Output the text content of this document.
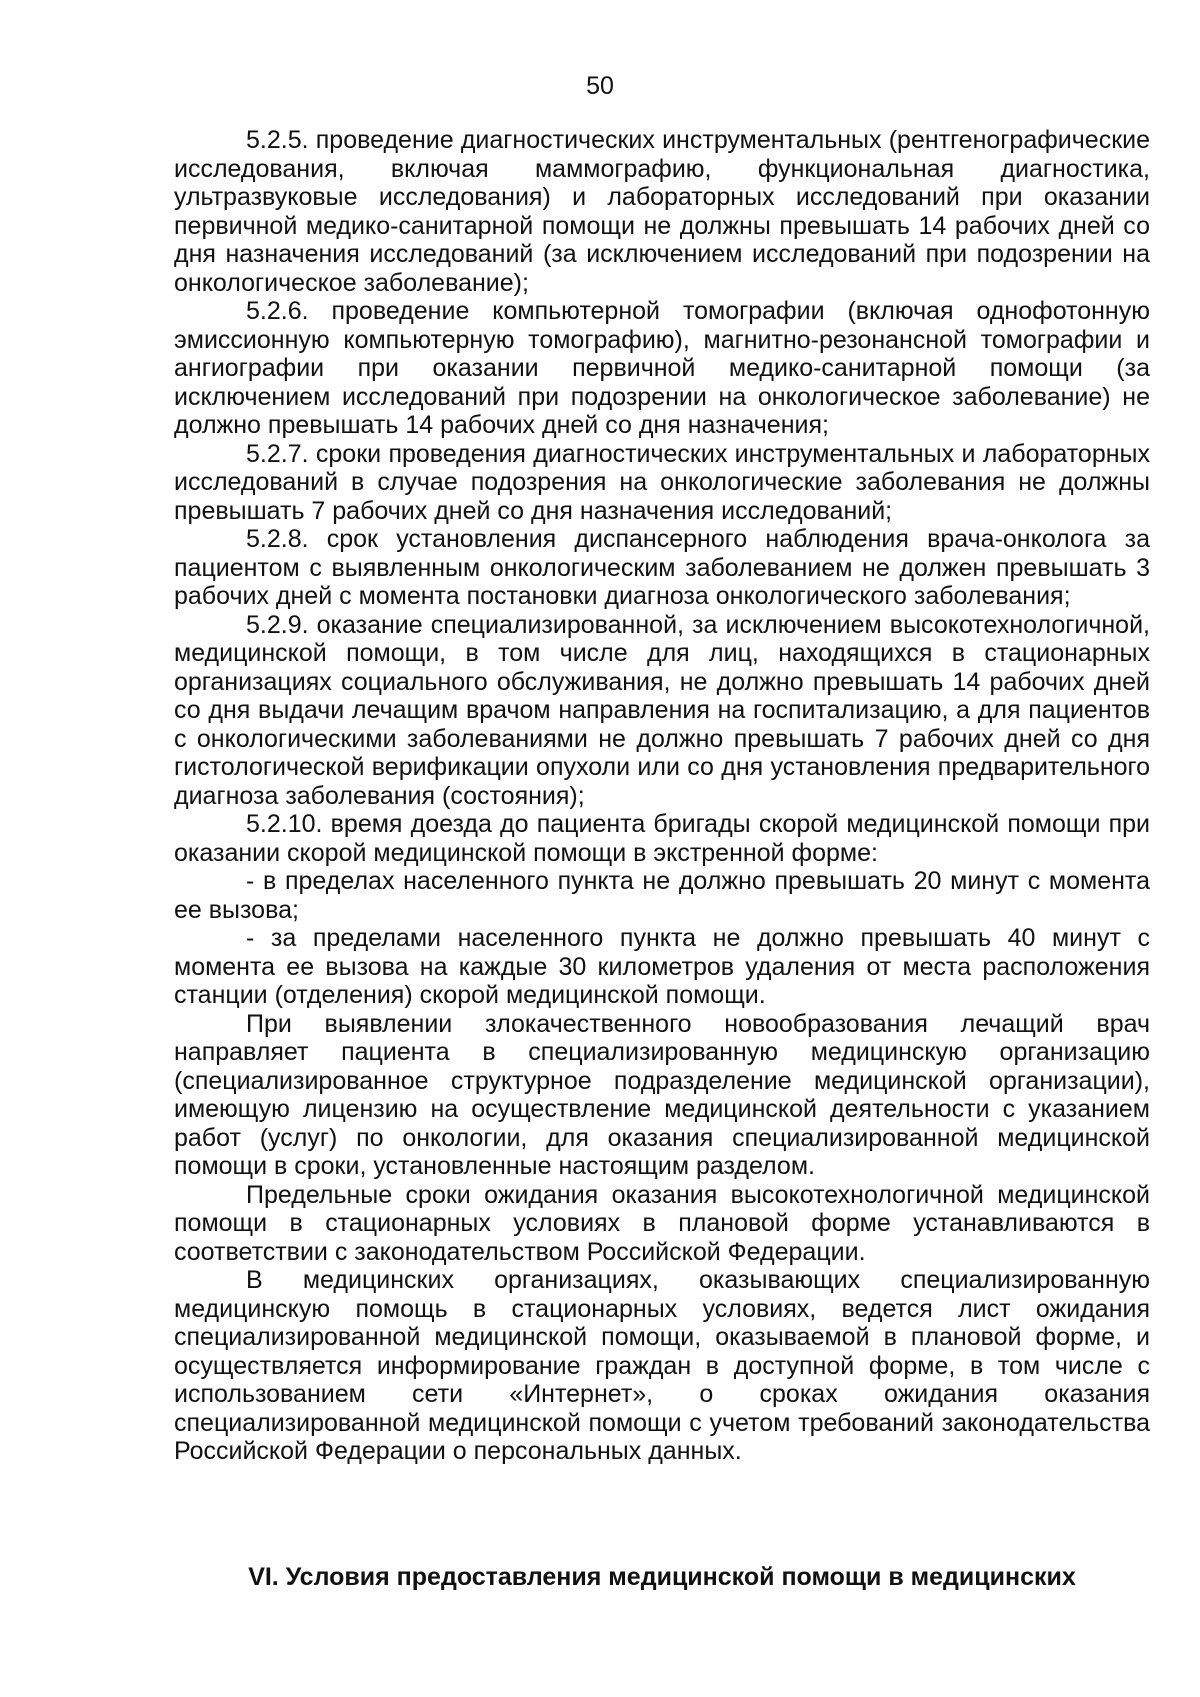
50

5.2.5. проведение диагностических инструментальных (рентгенографические исследования, включая маммографию, функциональная диагностика, ультразвуковые исследования) и лабораторных исследований при оказании первичной медико-санитарной помощи не должны превышать 14 рабочих дней со дня назначения исследований (за исключением исследований при подозрении на онкологическое заболевание);

5.2.6. проведение компьютерной томографии (включая однофотонную эмиссионную компьютерную томографию), магнитно-резонансной томографии и ангиографии при оказании первичной медико-санитарной помощи (за исключением исследований при подозрении на онкологическое заболевание) не должно превышать 14 рабочих дней со дня назначения;

5.2.7. сроки проведения диагностических инструментальных и лабораторных исследований в случае подозрения на онкологические заболевания не должны превышать 7 рабочих дней со дня назначения исследований;

5.2.8. срок установления диспансерного наблюдения врача-онколога за пациентом с выявленным онкологическим заболеванием не должен превышать 3 рабочих дней с момента постановки диагноза онкологического заболевания;

5.2.9. оказание специализированной, за исключением высокотехнологичной, медицинской помощи, в том числе для лиц, находящихся в стационарных организациях социального обслуживания, не должно превышать 14 рабочих дней со дня выдачи лечащим врачом направления на госпитализацию, а для пациентов с онкологическими заболеваниями не должно превышать 7 рабочих дней со дня гистологической верификации опухоли или со дня установления предварительного диагноза заболевания (состояния);

5.2.10. время доезда до пациента бригады скорой медицинской помощи при оказании скорой медицинской помощи в экстренной форме:

- в пределах населенного пункта не должно превышать 20 минут с момента ее вызова;

- за пределами населенного пункта не должно превышать 40 минут с момента ее вызова на каждые 30 километров удаления от места расположения станции (отделения) скорой медицинской помощи.

При выявлении злокачественного новообразования лечащий врач направляет пациента в специализированную медицинскую организацию (специализированное структурное подразделение медицинской организации), имеющую лицензию на осуществление медицинской деятельности с указанием работ (услуг) по онкологии, для оказания специализированной медицинской помощи в сроки, установленные настоящим разделом.

Предельные сроки ожидания оказания высокотехнологичной медицинской помощи в стационарных условиях в плановой форме устанавливаются в соответствии с законодательством Российской Федерации.

В медицинских организациях, оказывающих специализированную медицинскую помощь в стационарных условиях, ведется лист ожидания специализированной медицинской помощи, оказываемой в плановой форме, и осуществляется информирование граждан в доступной форме, в том числе с использованием сети «Интернет», о сроках ожидания оказания специализированной медицинской помощи с учетом требований законодательства Российской Федерации о персональных данных.

VI. Условия предоставления медицинской помощи в медицинских
